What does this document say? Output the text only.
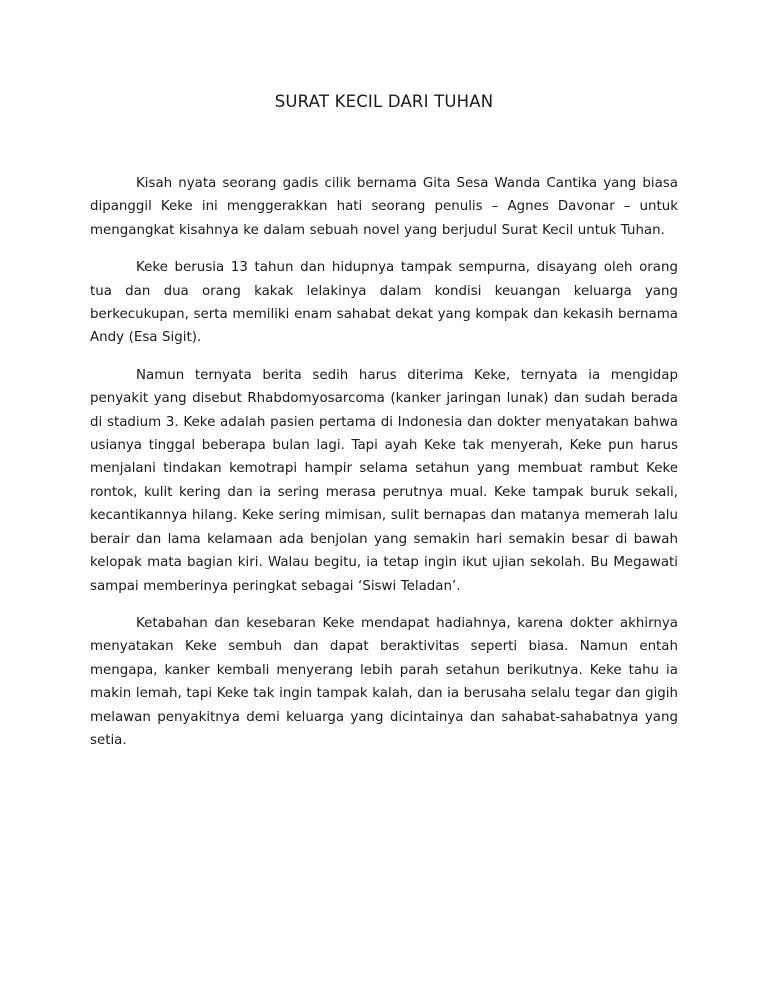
SURAT KECIL DARI TUHAN

Kisah nyata seorang gadis cilik bernama Gita Sesa Wanda Cantika yang biasa dipanggil Keke ini menggerakkan hati seorang penulis – Agnes Davonar – untuk mengangkat kisahnya ke dalam sebuah novel yang berjudul Surat Kecil untuk Tuhan.

Keke berusia 13 tahun dan hidupnya tampak sempurna, disayang oleh orang tua dan dua orang kakak lelakinya dalam kondisi keuangan keluarga yang berkecukupan, serta memiliki enam sahabat dekat yang kompak dan kekasih bernama Andy (Esa Sigit).

Namun ternyata berita sedih harus diterima Keke, ternyata ia mengidap penyakit yang disebut Rhabdomyosarcoma (kanker jaringan lunak) dan sudah berada di stadium 3. Keke adalah pasien pertama di Indonesia dan dokter menyatakan bahwa usianya tinggal beberapa bulan lagi. Tapi ayah Keke tak menyerah, Keke pun harus menjalani tindakan kemotrapi hampir selama setahun yang membuat rambut Keke rontok, kulit kering dan ia sering merasa perutnya mual. Keke tampak buruk sekali, kecantikannya hilang. Keke sering mimisan, sulit bernapas dan matanya memerah lalu berair dan lama kelamaan ada benjolan yang semakin hari semakin besar di bawah kelopak mata bagian kiri. Walau begitu, ia tetap ingin ikut ujian sekolah. Bu Megawati sampai memberinya peringkat sebagai ‘Siswi Teladan’.

Ketabahan dan kesebaran Keke mendapat hadiahnya, karena dokter akhirnya menyatakan Keke sembuh dan dapat beraktivitas seperti biasa. Namun entah mengapa, kanker kembali menyerang lebih parah setahun berikutnya. Keke tahu ia makin lemah, tapi Keke tak ingin tampak kalah, dan ia berusaha selalu tegar dan gigih melawan penyakitnya demi keluarga yang dicintainya dan sahabat-sahabatnya yang setia.
